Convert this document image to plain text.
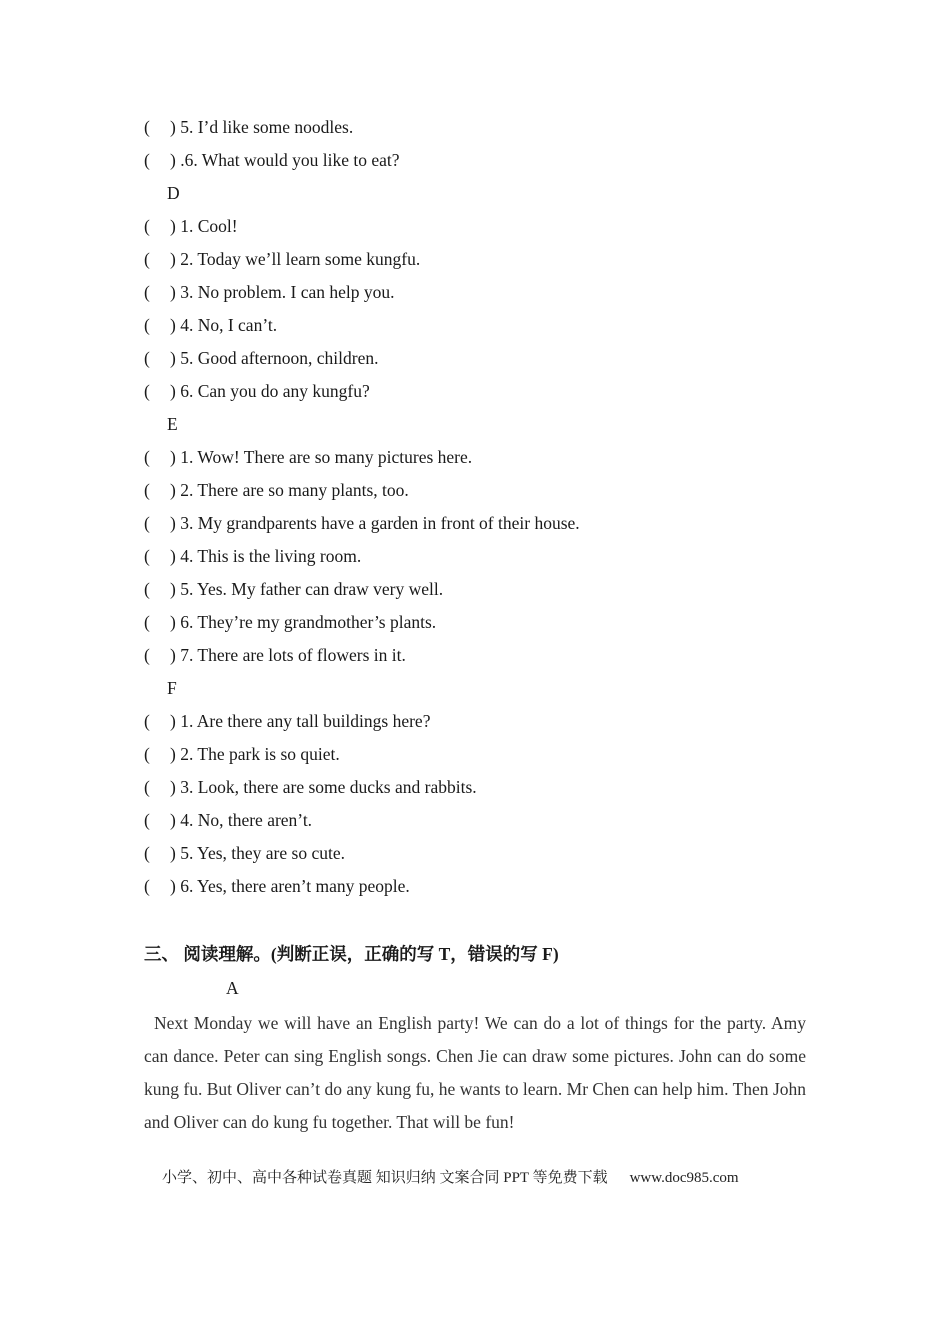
( ) 5. I’d like some noodles.
( ) .6. What would you like to eat?
D
( ) 1. Cool!
( ) 2. Today we’ll learn some kungfu.
( ) 3. No problem. I can help you.
( ) 4. No, I can’t.
( ) 5. Good afternoon, children.
( ) 6. Can you do any kungfu?
E
( ) 1. Wow! There are so many pictures here.
( ) 2. There are so many plants, too.
( ) 3. My grandparents have a garden in front of their house.
( ) 4. This is the living room.
( ) 5. Yes. My father can draw very well.
( ) 6. They’re my grandmother’s plants.
( ) 7. There are lots of flowers in it.
F
( ) 1. Are there any tall buildings here?
( ) 2. The park is so quiet.
( ) 3. Look, there are some ducks and rabbits.
( ) 4. No, there aren’t.
( ) 5. Yes, they are so cute.
( ) 6. Yes, there aren’t many people.
三、 阅读理解。(判断正误，正确的写 T，错误的写 F)
A
Next Monday we will have an English party! We can do a lot of things for the party. Amy can dance. Peter can sing English songs. Chen Jie can draw some pictures. John can do some kung fu. But Oliver can’t do any kung fu, he wants to learn. Mr Chen can help him. Then John and Oliver can do kung fu together. That will be fun!
小学、初中、高中各种试卷真题 知识归纳 文案合同 PPT 等免费下载 www.doc985.com
